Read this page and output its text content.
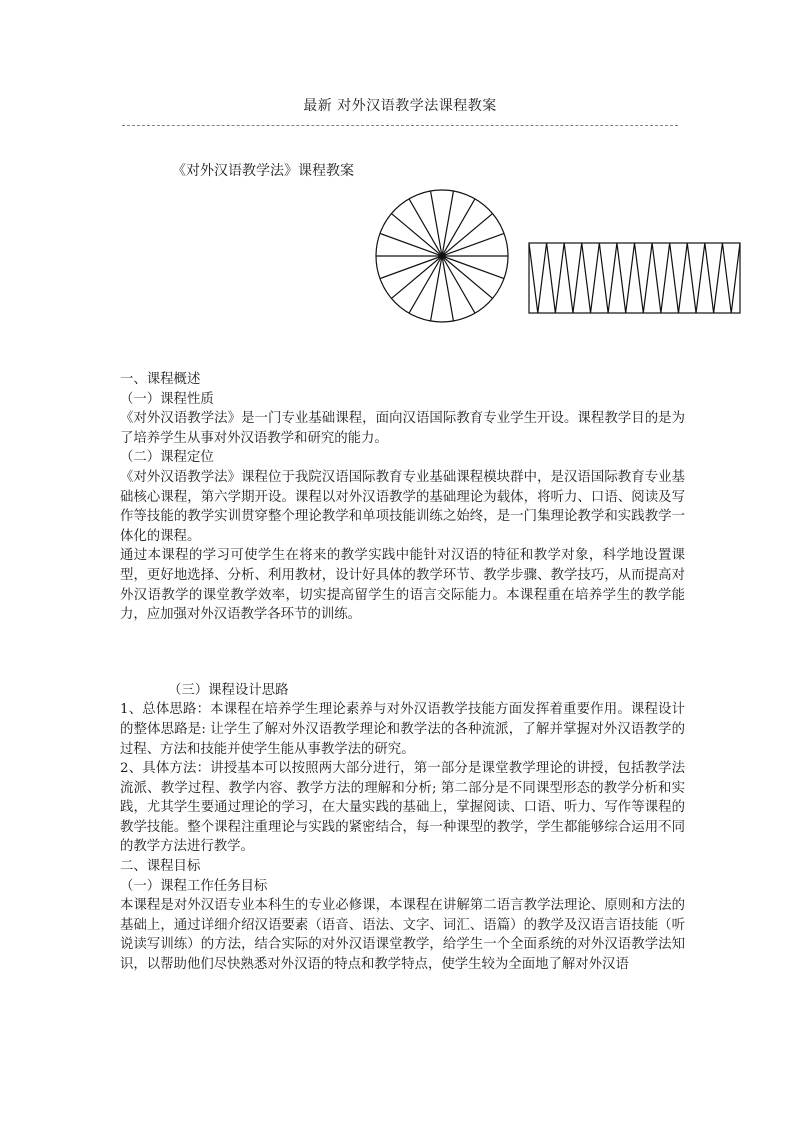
最新 对外汉语教学法课程教案
《对外汉语教学法》课程教案

一、课程概述

（一）课程性质

《对外汉语教学法》是一门专业基础课程，面向汉语国际教育专业学生开设。课程教学目的是为了培养学生从事对外汉语教学和研究的能力。

（二）课程定位

《对外汉语教学法》课程位于我院汉语国际教育专业基础课程模块群中，是汉语国际教育专业基础核心课程，第六学期开设。课程以对外汉语教学的基础理论为载体，将听力、口语、阅读及写作等技能的教学实训贯穿整个理论教学和单项技能训练之始终，是一门集理论教学和实践教学一体化的课程。

通过本课程的学习可使学生在将来的教学实践中能针对汉语的特征和教学对象，科学地设置课型，更好地选择、分析、利用教材，设计好具体的教学环节、教学步骤、教学技巧，从而提高对外汉语教学的课堂教学效率，切实提高留学生的语言交际能力。本课程重在培养学生的教学能力，应加强对外汉语教学各环节的训练。

（三）课程设计思路

1、总体思路：本课程在培养学生理论素养与对外汉语教学技能方面发挥着重要作用。课程设计的整体思路是: 让学生了解对外汉语教学理论和教学法的各种流派，了解并掌握对外汉语教学的过程、方法和技能并使学生能从事教学法的研究。

2、具体方法：讲授基本可以按照两大部分进行，第一部分是课堂教学理论的讲授，包括教学法流派、教学过程、教学内容、教学方法的理解和分析; 第二部分是不同课型形态的教学分析和实践，尤其学生要通过理论的学习，在大量实践的基础上，掌握阅读、口语、听力、写作等课程的教学技能。整个课程注重理论与实践的紧密结合，每一种课型的教学，学生都能够综合运用不同的教学方法进行教学。

二、课程目标

（一）课程工作任务目标

本课程是对外汉语专业本科生的专业必修课，本课程在讲解第二语言教学法理论、原则和方法的基础上，通过详细介绍汉语要素（语音、语法、文字、词汇、语篇）的教学及汉语言语技能（听说读写训练）的方法，结合实际的对外汉语课堂教学，给学生一个全面系统的对外汉语教学法知识，以帮助他们尽快熟悉对外汉语的特点和教学特点，使学生较为全面地了解对外汉语
